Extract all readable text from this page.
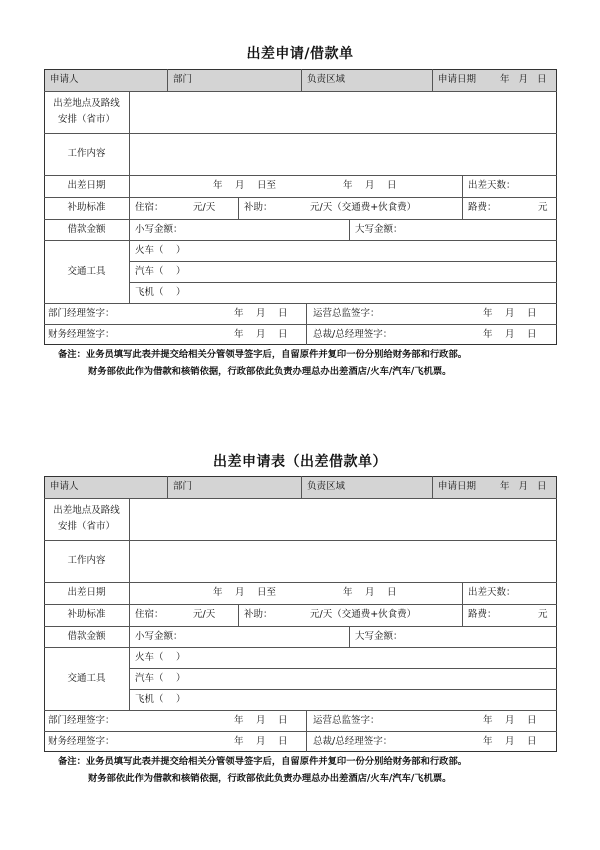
出差申请/借款单
申请人	部门	负责区域	申请日期	年 月 日
出差地点及路线
安排（省市）
工作内容
出差日期	年　 月　 日至	年　 月　 日	出差天数：
补助标准	住宿：	元/天	补助：	元/天（交通费+伙食费）	路费：	元
借款金额	小写金额：	大写金额：
交通工具
火车（　 ）
汽车（　 ）
飞机（　 ）
部门经理签字：	年　 月　 日	运营总监签字：	年　 月　 日
财务经理签字：	年　 月　 日	总裁/总经理签字：	年　 月　 日
备注：业务员填写此表并提交给相关分管领导签字后，自留原件并复印一份分别给财务部和行政部。
财务部依此作为借款和核销依据，行政部依此负责办理总办出差酒店/火车/汽车/飞机票。
出差申请表（出差借款单）
申请人	部门	负责区域	申请日期	年 月 日
出差地点及路线
安排（省市）
工作内容
出差日期	年　 月　 日至	年　 月　 日	出差天数：
补助标准	住宿：	元/天	补助：	元/天（交通费+伙食费）	路费：	元
借款金额	小写金额：	大写金额：
交通工具
火车（　 ）
汽车（　 ）
飞机（　 ）
部门经理签字：	年　 月　 日	运营总监签字：	年　 月　 日
财务经理签字：	年　 月　 日	总裁/总经理签字：	年　 月　 日
备注：业务员填写此表并提交给相关分管领导签字后，自留原件并复印一份分别给财务部和行政部。
财务部依此作为借款和核销依据，行政部依此负责办理总办出差酒店/火车/汽车/飞机票。
